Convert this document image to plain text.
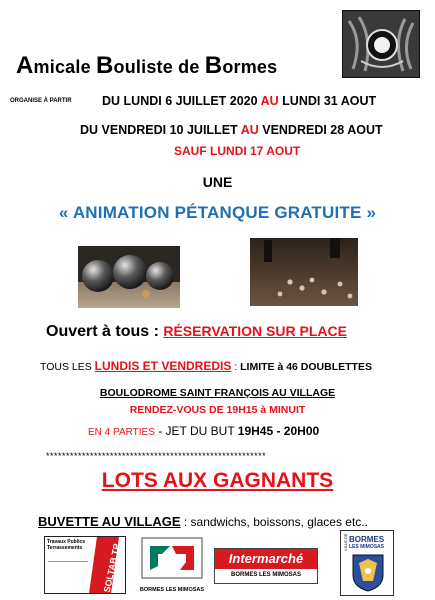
Amicale Bouliste de Bormes
ORGANISE À PARTIR DU LUNDI 6 JUILLET 2020 AU LUNDI 31 AOUT
DU VENDREDI 10 JUILLET AU VENDREDI 28 AOUT
SAUF LUNDI 17 AOUT
UNE
« ANIMATION PÉTANQUE GRATUITE »
Ouvert à tous : RÉSERVATION SUR PLACE
TOUS LES LUNDIS ET VENDREDIS : LIMITE à 46 DOUBLETTES
BOULODROME SAINT FRANÇOIS AU VILLAGE
RENDEZ-VOUS DE 19H15 à MINUIT
EN 4 PARTIES - JET DU BUT 19H45 - 20H00
*******************************************************
LOTS AUX GAGNANTS
BUVETTE AU VILLAGE : sandwichs, boissons, glaces etc..
Travaux Publics Terrassements	SOLTAB TP	BORMES LES MIMOSAS
Intermarché
BORMES LES MIMOSAS
VILLE DE BORMES
LES MIMOSAS
